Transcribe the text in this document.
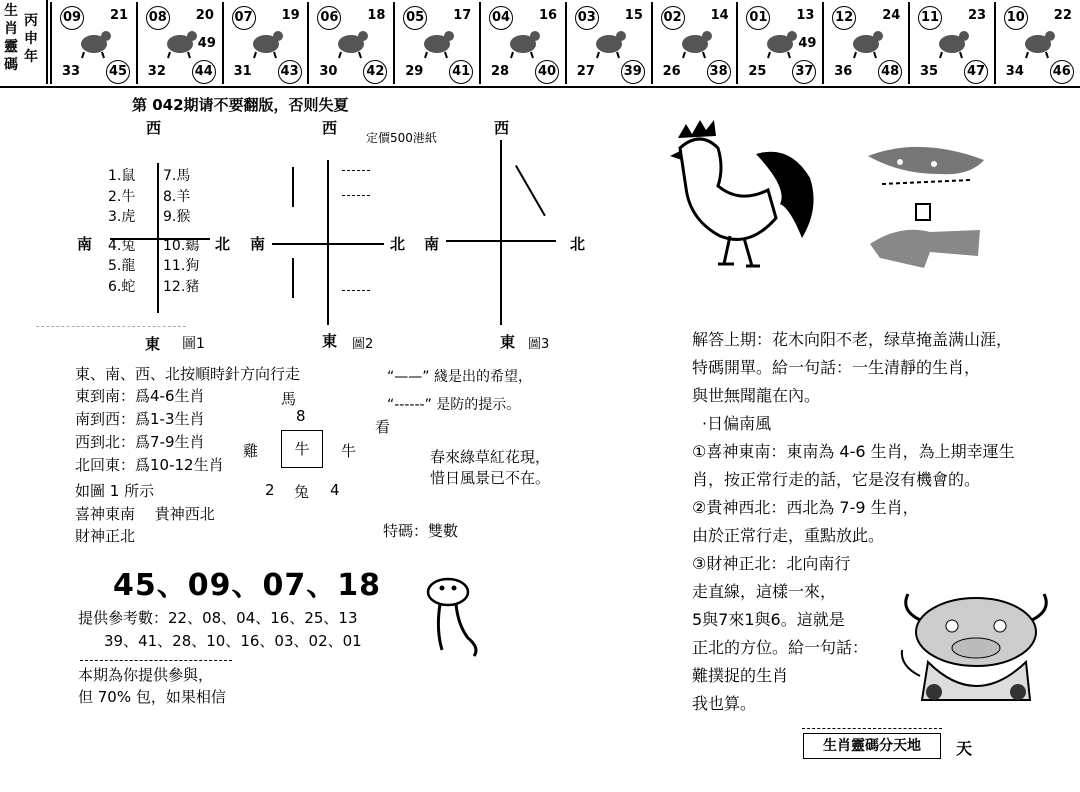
生
肖
靈
碼
丙
申
年
09 21
33 45
08 20
32 44
49
07 19
31 43
06 18
30 42
05 17
29 41
04 16
28 40
03 15
27 39
02 14
26 38
01 13
25 37
49
12 24
36 48
11 23
35 47
10 22
34 46
第 042期请不要翻版，否则失夏
西	西
定價500港紙
西
1.鼠
2.牛
3.虎
4.兔
5.龍
6.蛇
7.馬
8.羊
9.猴
10.鷄
11.狗
12.豬
南	北 南	北 南	北
東 圖1	東 圖2	東 圖3
東、南、西、北按順時針方向行走
東到南：爲4-6生肖
南到西：爲1-3生肖
西到北：爲7-9生肖
北回東：爲10-12生肖
如圖 1 所示
喜神東南　 貴神西北
財神正北
“——” 綫是出的希望，
“------” 是防的提示。
馬
8
看
雞	牛	牛
2 兔 4
春來綠草紅花現，
惜日風景已不在。
特碼：雙數
45、09、07、18
提供參考數：22、08、04、16、25、13
39、41、28、10、16、03、02、01
本期為你提供參與，
但 70% 包，如果相信
解答上期：花木向阳不老，绿草掩盖满山涯，
特碼開單。給一句話：一生清靜的生肖，
與世無聞龍在內。
·日偏南風
①喜神東南：東南為 4-6 生肖，為上期幸運生
肖，按正常行走的話，它是沒有機會的。
②貴神西北：西北為 7-9 生肖，
由於正常行走，重點放此。
③財神正北：北向南行
走直線，這樣一來，
5與7來1與6。這就是
正北的方位。給一句話：
難撲捉的生肖
我也算。
生肖靈碼分天地	天
